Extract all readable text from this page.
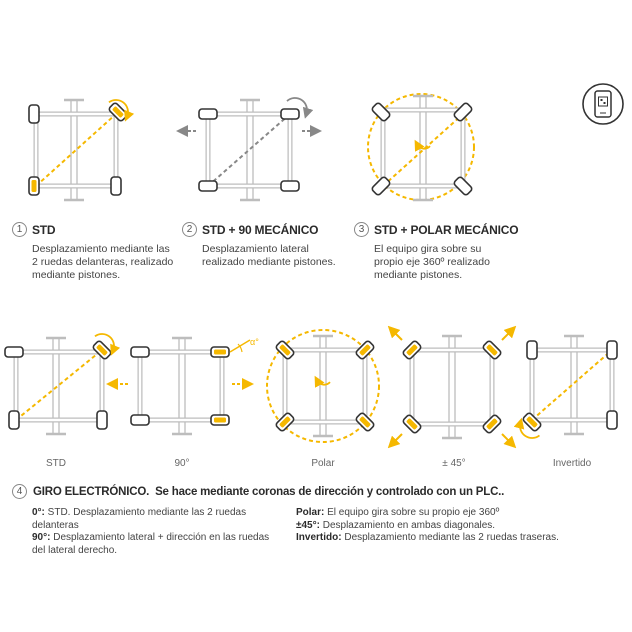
α°
1 STD
Desplazamiento mediante las
2 ruedas delanteras, realizado
mediante pistones.
2 STD + 90 MECÁNICO
Desplazamiento lateral
realizado mediante pistones.
3 STD + POLAR MECÁNICO
El equipo gira sobre su
propio eje 360º realizado
mediante pistones.
STD	90°	Polar	± 45°	Invertido
4 GIRO ELECTRÓNICO. Se hace mediante coronas de dirección y controlado con un PLC..
0°: STD. Desplazamiento mediante las 2 ruedas delanteras
90°: Desplazamiento lateral + dirección en las ruedas del lateral derecho.
Polar: El equipo gira sobre su propio eje 360º
±45°: Desplazamiento en ambas diagonales.
Invertido: Desplazamiento mediante las 2 ruedas traseras.
